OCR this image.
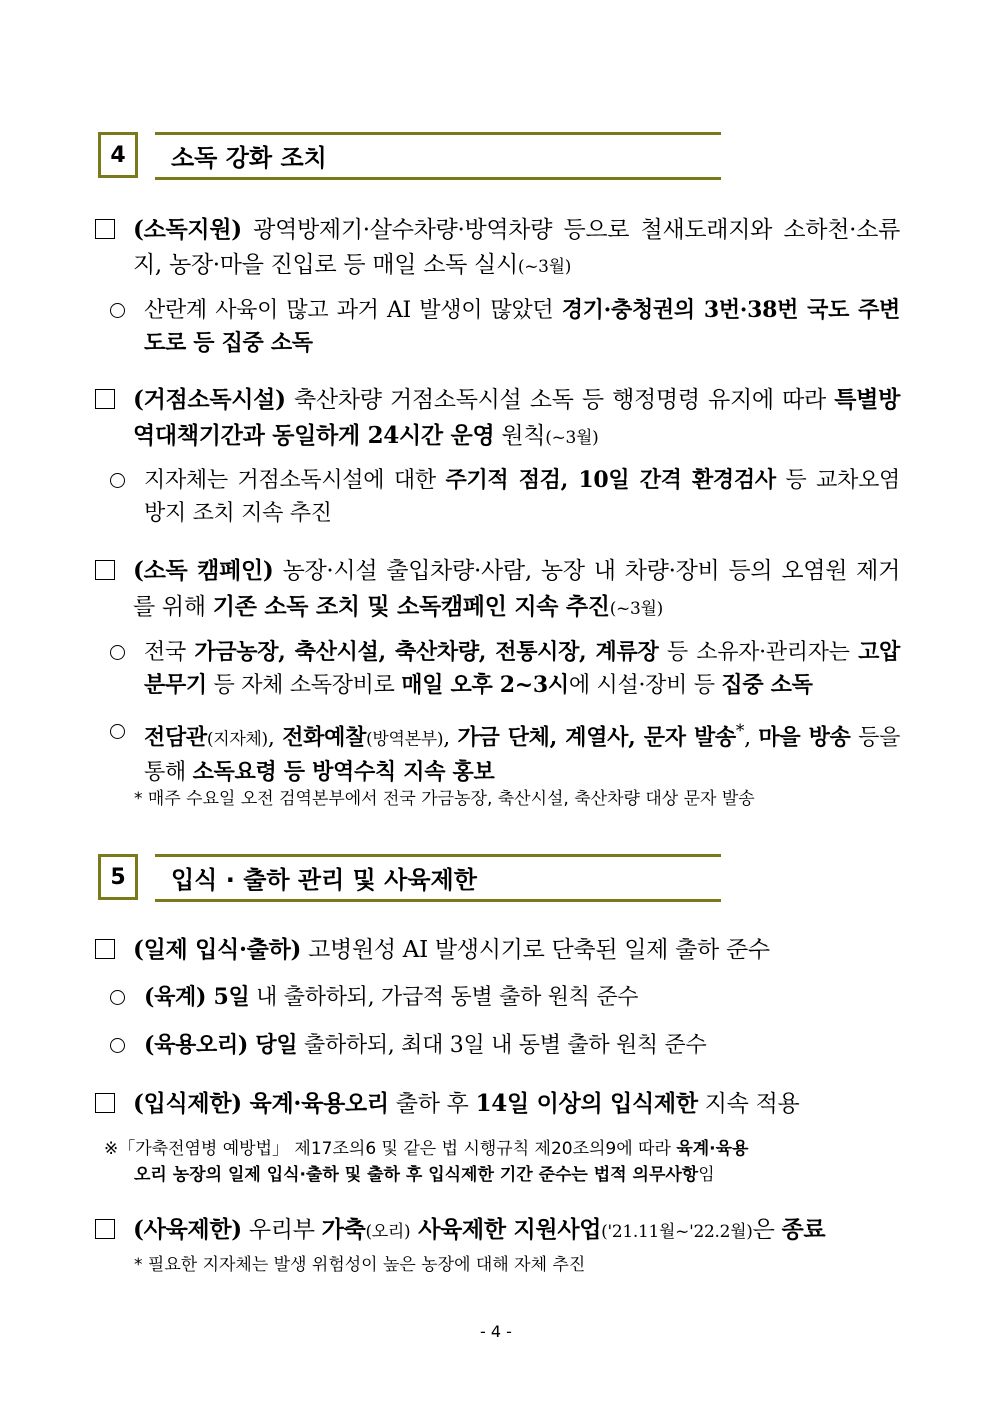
4	소독 강화 조치
(소독지원) 광역방제기·살수차량·방역차량 등으로 철새도래지와 소하천·소류지, 농장·마을 진입로 등 매일 소독 실시(~3월)
산란계 사육이 많고 과거 AI 발생이 많았던 경기·충청권의 3번·38번 국도 주변 도로 등 집중 소독
(거점소독시설) 축산차량 거점소독시설 소독 등 행정명령 유지에 따라 특별방역대책기간과 동일하게 24시간 운영 원칙(~3월)
지자체는 거점소독시설에 대한 주기적 점검, 10일 간격 환경검사 등 교차오염 방지 조치 지속 추진
(소독 캠페인) 농장·시설 출입차량·사람, 농장 내 차량·장비 등의 오염원 제거를 위해 기존 소독 조치 및 소독캠페인 지속 추진(~3월)
전국 가금농장, 축산시설, 축산차량, 전통시장, 계류장 등 소유자·관리자는 고압분무기 등 자체 소독장비로 매일 오후 2~3시에 시설·장비 등 집중 소독
전담관(지자체), 전화예찰(방역본부), 가금 단체, 계열사, 문자 발송*, 마을 방송 등을 통해 소독요령 등 방역수칙 지속 홍보
* 매주 수요일 오전 검역본부에서 전국 가금농장, 축산시설, 축산차량 대상 문자 발송
5	입식 · 출하 관리 및 사육제한
(일제 입식·출하) 고병원성 AI 발생시기로 단축된 일제 출하 준수
(육계) 5일 내 출하하되, 가급적 동별 출하 원칙 준수
(육용오리) 당일 출하하되, 최대 3일 내 동별 출하 원칙 준수
(입식제한) 육계·육용오리 출하 후 14일 이상의 입식제한 지속 적용
※「가축전염병 예방법」 제17조의6 및 같은 법 시행규칙 제20조의9에 따라 육계·육용
오리 농장의 일제 입식·출하 및 출하 후 입식제한 기간 준수는 법적 의무사항임
(사육제한) 우리부 가축(오리) 사육제한 지원사업('21.11월~'22.2월)은 종료
* 필요한 지자체는 발생 위험성이 높은 농장에 대해 자체 추진
- 4 -
